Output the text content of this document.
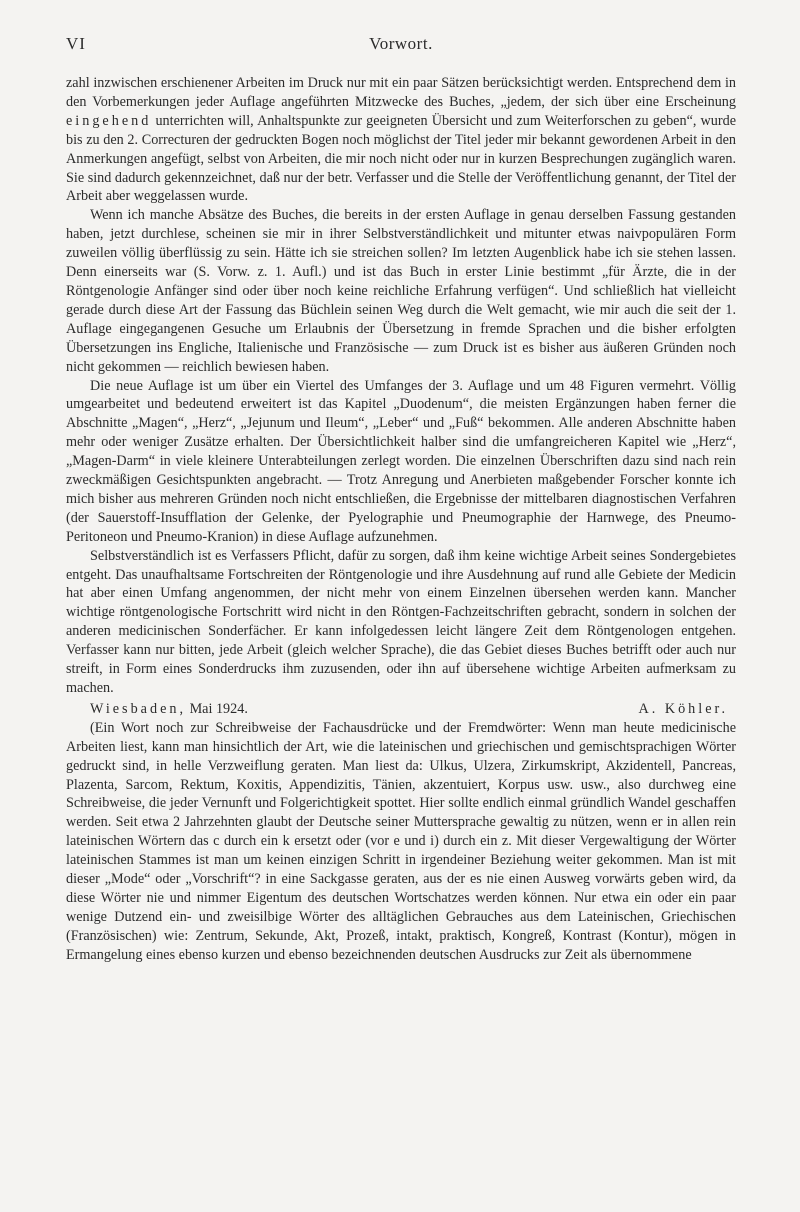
VI	Vorwort.

zahl inzwischen erschienener Arbeiten im Druck nur mit ein paar Sätzen berücksichtigt werden. Entsprechend dem in den Vorbemerkungen jeder Auflage angeführten Mitzwecke des Buches, „jedem, der sich über eine Erscheinung eingehend unterrichten will, Anhaltspunkte zur geeigneten Übersicht und zum Weiterforschen zu geben“, wurde bis zu den 2. Correcturen der gedruckten Bogen noch möglichst der Titel jeder mir bekannt gewordenen Arbeit in den Anmerkungen angefügt, selbst von Arbeiten, die mir noch nicht oder nur in kurzen Besprechungen zugänglich waren. Sie sind dadurch gekennzeichnet, daß nur der betr. Verfasser und die Stelle der Veröffentlichung genannt, der Titel der Arbeit aber weggelassen wurde.

Wenn ich manche Absätze des Buches, die bereits in der ersten Auflage in genau derselben Fassung gestanden haben, jetzt durchlese, scheinen sie mir in ihrer Selbstverständlichkeit und mitunter etwas naivpopulären Form zuweilen völlig überflüssig zu sein. Hätte ich sie streichen sollen? Im letzten Augenblick habe ich sie stehen lassen. Denn einerseits war (S. Vorw. z. 1. Aufl.) und ist das Buch in erster Linie bestimmt „für Ärzte, die in der Röntgenologie Anfänger sind oder über noch keine reichliche Erfahrung verfügen“. Und schließlich hat vielleicht gerade durch diese Art der Fassung das Büchlein seinen Weg durch die Welt gemacht, wie mir auch die seit der 1. Auflage eingegangenen Gesuche um Erlaubnis der Übersetzung in fremde Sprachen und die bisher erfolgten Übersetzungen ins Engliche, Italienische und Französische — zum Druck ist es bisher aus äußeren Gründen noch nicht gekommen — reichlich bewiesen haben.

Die neue Auflage ist um über ein Viertel des Umfanges der 3. Auflage und um 48 Figuren vermehrt. Völlig umgearbeitet und bedeutend erweitert ist das Kapitel „Duodenum“, die meisten Ergänzungen haben ferner die Abschnitte „Magen“, „Herz“, „Jejunum und Ileum“, „Leber“ und „Fuß“ bekommen. Alle anderen Abschnitte haben mehr oder weniger Zusätze erhalten. Der Übersichtlichkeit halber sind die umfangreicheren Kapitel wie „Herz“, „Magen-Darm“ in viele kleinere Unterabteilungen zerlegt worden. Die einzelnen Überschriften dazu sind nach rein zweckmäßigen Gesichtspunkten angebracht. — Trotz Anregung und Anerbieten maßgebender Forscher konnte ich mich bisher aus mehreren Gründen noch nicht entschließen, die Ergebnisse der mittelbaren diagnostischen Verfahren (der Sauerstoff-Insufflation der Gelenke, der Pyelographie und Pneumographie der Harnwege, des Pneumo-Peritoneon und Pneumo-Kranion) in diese Auflage aufzunehmen.

Selbstverständlich ist es Verfassers Pflicht, dafür zu sorgen, daß ihm keine wichtige Arbeit seines Sondergebietes entgeht. Das unaufhaltsame Fortschreiten der Röntgenologie und ihre Ausdehnung auf rund alle Gebiete der Medicin hat aber einen Umfang angenommen, der nicht mehr von einem Einzelnen übersehen werden kann. Mancher wichtige röntgenologische Fortschritt wird nicht in den Röntgen-Fachzeitschriften gebracht, sondern in solchen der anderen medicinischen Sonderfächer. Er kann infolgedessen leicht längere Zeit dem Röntgenologen entgehen. Verfasser kann nur bitten, jede Arbeit (gleich welcher Sprache), die das Gebiet dieses Buches betrifft oder auch nur streift, in Form eines Sonderdrucks ihm zuzusenden, oder ihn auf übersehene wichtige Arbeiten aufmerksam zu machen.

Wiesbaden, Mai 1924.	A. Köhler.

(Ein Wort noch zur Schreibweise der Fachausdrücke und der Fremdwörter: Wenn man heute medicinische Arbeiten liest, kann man hinsichtlich der Art, wie die lateinischen und griechischen und gemischtsprachigen Wörter gedruckt sind, in helle Verzweiflung geraten. Man liest da: Ulkus, Ulzera, Zirkumskript, Akzidentell, Pancreas, Plazenta, Sarcom, Rektum, Koxitis, Appendizitis, Tänien, akzentuiert, Korpus usw. usw., also durchweg eine Schreibweise, die jeder Vernunft und Folgerichtigkeit spottet. Hier sollte endlich einmal gründlich Wandel geschaffen werden. Seit etwa 2 Jahrzehnten glaubt der Deutsche seiner Muttersprache gewaltig zu nützen, wenn er in allen rein lateinischen Wörtern das c durch ein k ersetzt oder (vor e und i) durch ein z. Mit dieser Vergewaltigung der Wörter lateinischen Stammes ist man um keinen einzigen Schritt in irgendeiner Beziehung weiter gekommen. Man ist mit dieser „Mode“ oder „Vorschrift“? in eine Sackgasse geraten, aus der es nie einen Ausweg vorwärts geben wird, da diese Wörter nie und nimmer Eigentum des deutschen Wortschatzes werden können. Nur etwa ein oder ein paar wenige Dutzend ein- und zweisilbige Wörter des alltäglichen Gebrauches aus dem Lateinischen, Griechischen (Französischen) wie: Zentrum, Sekunde, Akt, Prozeß, intakt, praktisch, Kongreß, Kontrast (Kontur), mögen in Ermangelung eines ebenso kurzen und ebenso bezeichnenden deutschen Ausdrucks zur Zeit als übernommene
